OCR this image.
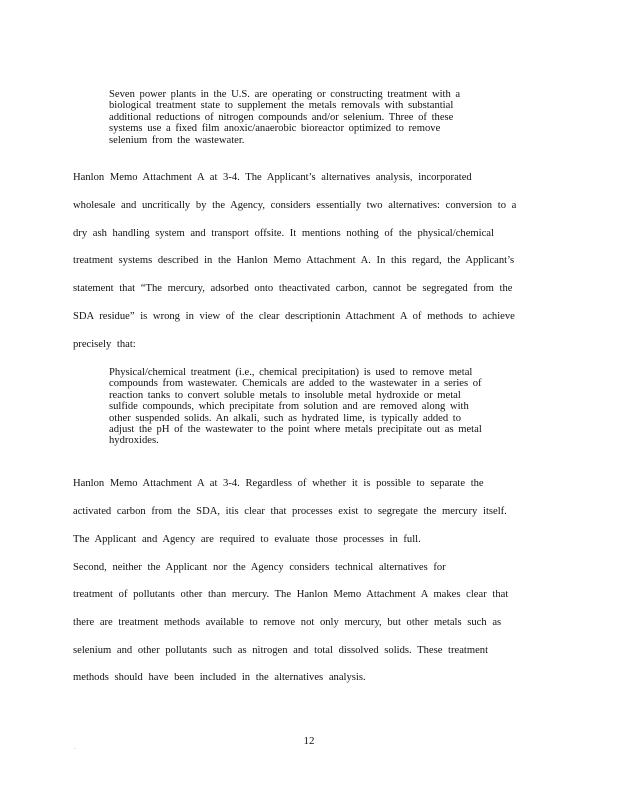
Seven power plants in the U.S. are operating or constructing treatment with a
biological treatment state to supplement the metals removals with substantial
additional reductions of nitrogen compounds and/or selenium. Three of these
systems use a fixed film anoxic/anaerobic bioreactor optimized to remove
selenium from the wastewater.
Hanlon Memo Attachment A at 3-4. The Applicant’s alternatives analysis, incorporated
wholesale and uncritically by the Agency, considers essentially two alternatives: conversion to a
dry ash handling system and transport offsite. It mentions nothing of the physical/chemical
treatment systems described in the Hanlon Memo Attachment A. In this regard, the Applicant’s
statement that “The mercury, adsorbed onto theactivated carbon, cannot be segregated from the
SDA residue” is wrong in view of the clear descriptionin Attachment A of methods to achieve
precisely that:
Physical/chemical treatment (i.e., chemical precipitation) is used to remove metal
compounds from wastewater. Chemicals are added to the wastewater in a series of
reaction tanks to convert soluble metals to insoluble metal hydroxide or metal
sulfide compounds, which precipitate from solution and are removed along with
other suspended solids. An alkali, such as hydrated lime, is typically added to
adjust the pH of the wastewater to the point where metals precipitate out as metal
hydroxides.
Hanlon Memo Attachment A at 3-4. Regardless of whether it is possible to separate the
activated carbon from the SDA, itis clear that processes exist to segregate the mercury itself.
The Applicant and Agency are required to evaluate those processes in full.
Second, neither the Applicant nor the Agency considers technical alternatives for
treatment of pollutants other than mercury. The Hanlon Memo Attachment A makes clear that
there are treatment methods available to remove not only mercury, but other metals such as
selenium and other pollutants such as nitrogen and total dissolved solids. These treatment
methods should have been included in the alternatives analysis.
12
.
